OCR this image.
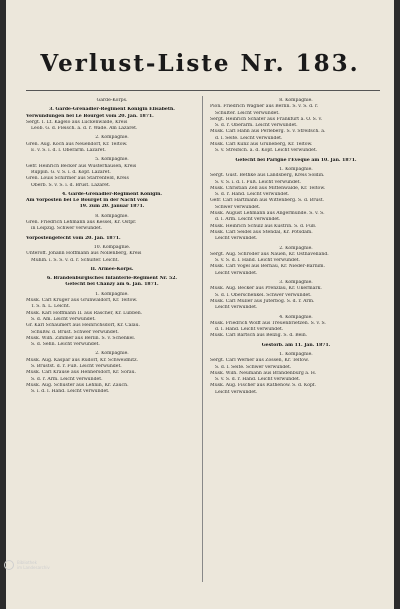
Verlust-Liste Nr. 183.
Garde-Korps.
3. Garde-Grenadier-Regiment Königin Elisabeth.
Verwundungen bei Le Bourget vom 20. Jan. 1871.
Sergt. I. Lt. Kagelo aus Luckenwalde, Kreis
Leob. G. d. Fleisch. a. d. r. Wade. Am Lazaret.
2. Kompagnie.
Gren. Aug. Koch aus Neuendorf, Kr. Teltow.
E. v. S. i. d. l. Oberarm. Lazaret.
5. Kompagnie.
Gefr. Heinrich Becker aus Wusterhausen, Kreis
Ruppin. G. v. S. i. d. Kopf. Lazaret.
Gren. Louis Schirmer aus Starrenfeld, Kreis
Oberb. S. v. S. i. d. Brust. Lazaret.
4. Garde-Grenadier-Regiment Königin.
Am Vorposten bei Le Bourget in der Nacht vom
19. zum 20. Januar 1871.
8. Kompagnie.
Gren. Friedrich Lehmann aus Kessel, Kr. Ostpr.
in Leipzig. Schwer verwundet.
Vorpostengefecht vom 20. Jan. 1871.
10. Kompagnie.
Unteroff. Johann Hoffmann aus Nollenberg, Kreis
Mühlh. i. S. S. v. d. r. Schulter. Leicht.
II. Armee-Korps.
6. Brandenburgisches Infanterie-Regiment Nr. 52.
Gefecht bei Chanzy am 6. Jan. 1871.
1. Kompagnie.
Musk. Carl Krüger aus Grünwaldorf, Kr. Teltow.
T. S. h. L. Leicht.
Musk. Karl Hoffmann II. aus Rascher, Kr. Lübben.
S. d. Am. Leicht verwundet.
Gr. Karl Schaumert aus Heinrichsdorf, Kr. Calau.
Schußw. d. Brust. Schwer verwundet.
Musk. Wilh. Zimmer aus Berlin. S. v. Schenkel.
S. d. Sehn. Leicht verwundet.
2. Kompagnie.
Musk. Aug. Kaspar aus Rudorf, Kr. Schweidnitz.
S. Brustst. d. r. Fuß. Leicht verwundet.
Musk. Carl Krause aus Hennersdorf, Kr. Sorau.
S. d. r. Arm. Leicht verwundet.
Musk. Aug. Schuster aus Lehnin, Kr. Zauch.
S. i. d. l. Hand. Leicht verwundet.
8. Kompagnie.
Pion. Friedrich Wagner aus Berlin. S. v. S. d. r.
Schulter. Leicht verwundet.
Sergt. Heinrich Schäfer aus Frankfurt a. O. S. v.
S. d. r. Oberarm. Leicht verwundet.
Musk. Carl Hahn aus Perleberg. S. v. Streifsch. a.
d. l. Seite. Leicht verwundet.
Musk. Carl Kunz aus Grüneberg, Kr. Teltow.
S. v. Streifsch. a. d. Kopf. Leicht verwundet.
Gefecht bei Parigne l'Eveque am 10. Jan. 1871.
1. Kompagnie.
Sergt. Gust. Bethke aus Landsberg, Kreis Soldin.
S. v. S. i. d. l. Fuß. Leicht verwundet.
Musk. Christian Zell aus Mittenwalde, Kr. Teltow.
S. d. r. Hand. Leicht verwundet.
Gefr. Carl Hartmann aus Wittenberg. S. d. Brust.
Schwer verwundet.
Musk. August Lehmann aus Angermünde. S. v. S.
d. l. Arm. Leicht verwundet.
Musk. Heinrich Schulz aus Küstrin. S. d. Fuß.
Musk. Carl Seidel aus Stendal, Kr. Potsdam.
Leicht verwundet.
2. Kompagnie.
Sergt. Aug. Schröder aus Nauen, Kr. Osthavelland.
S. v. S. d. l. Hand. Leicht verwundet.
Musk. Carl Vogel aus Bernau, Kr. Nieder-Barnim.
Leicht verwundet.
3. Kompagnie.
Musk. Aug. Becker aus Prenzlau, Kr. Ukermark.
S. d. l. Oberschenkel. Schwer verwundet.
Musk. Carl Müller aus Jüterbog. S. d. r. Arm.
Leicht verwundet.
4. Kompagnie.
Musk. Friedrich Wolff aus Treuenbrietzen. S. v. S.
d. l. Hand. Leicht verwundet.
Musk. Carl Bartsch aus Belzig. S. d. Bein.
Gestorb. am 11. Jan. 1871.
1. Kompagnie.
Sergt. Carl Werner aus Zossen, Kr. Teltow.
S. d. l. Seite. Schwer verwundet.
Musk. Wilh. Neumann aus Brandenburg a. H.
S. v. S. d. r. Hand. Leicht verwundet.
Musk. Aug. Fischer aus Rathenow. S. d. Kopf.
Leicht verwundet.
Bibliothek
im Landesarchiv
